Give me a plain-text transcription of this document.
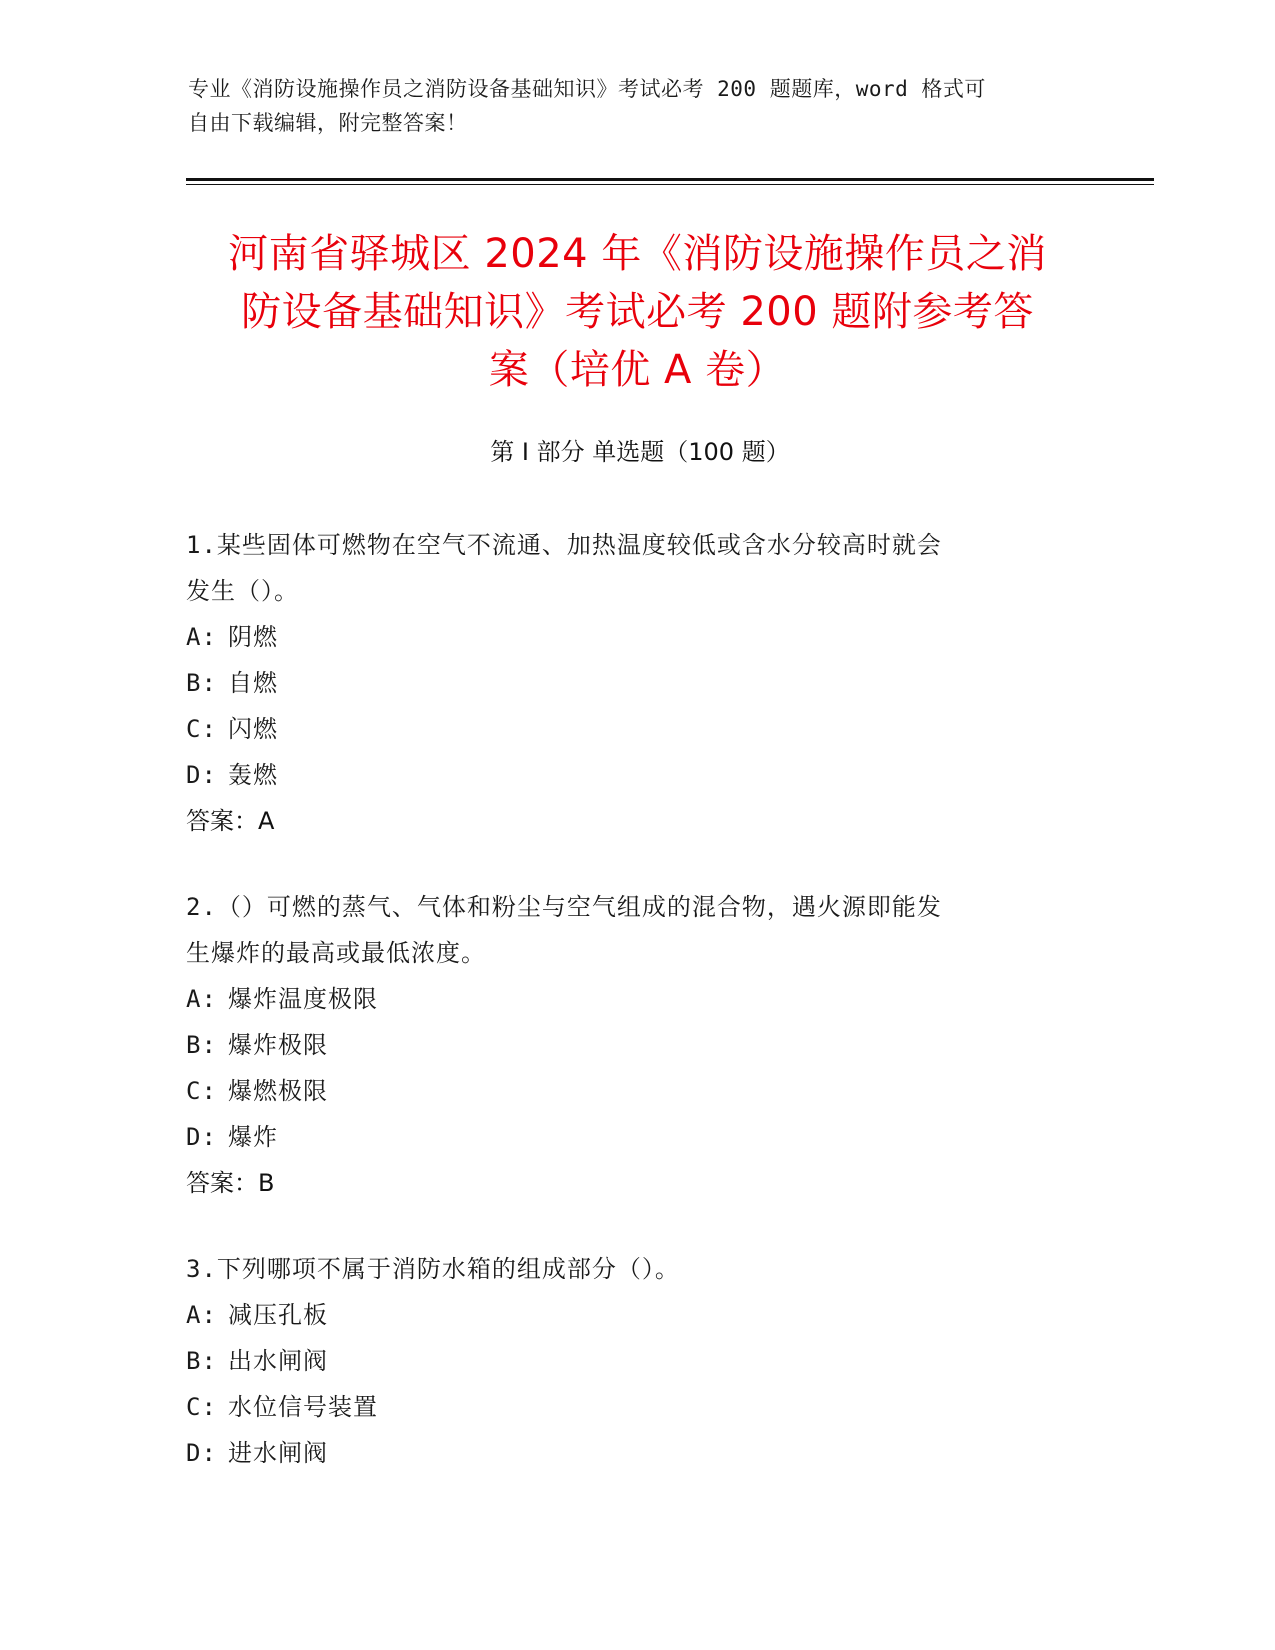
专业《消防设施操作员之消防设备基础知识》考试必考 200 题题库，word 格式可
自由下载编辑，附完整答案！
河南省驿城区 2024 年《消防设施操作员之消
防设备基础知识》考试必考 200 题附参考答
案（培优 A 卷）
第 I 部分 单选题（100 题）
1.某些固体可燃物在空气不流通、加热温度较低或含水分较高时就会
发生（）。
A: 阴燃
B: 自燃
C: 闪燃
D: 轰燃
答案：A
2.（）可燃的蒸气、气体和粉尘与空气组成的混合物，遇火源即能发
生爆炸的最高或最低浓度。
A: 爆炸温度极限
B: 爆炸极限
C: 爆燃极限
D: 爆炸
答案：B
3.下列哪项不属于消防水箱的组成部分（）。
A: 减压孔板
B: 出水闸阀
C: 水位信号装置
D: 进水闸阀
